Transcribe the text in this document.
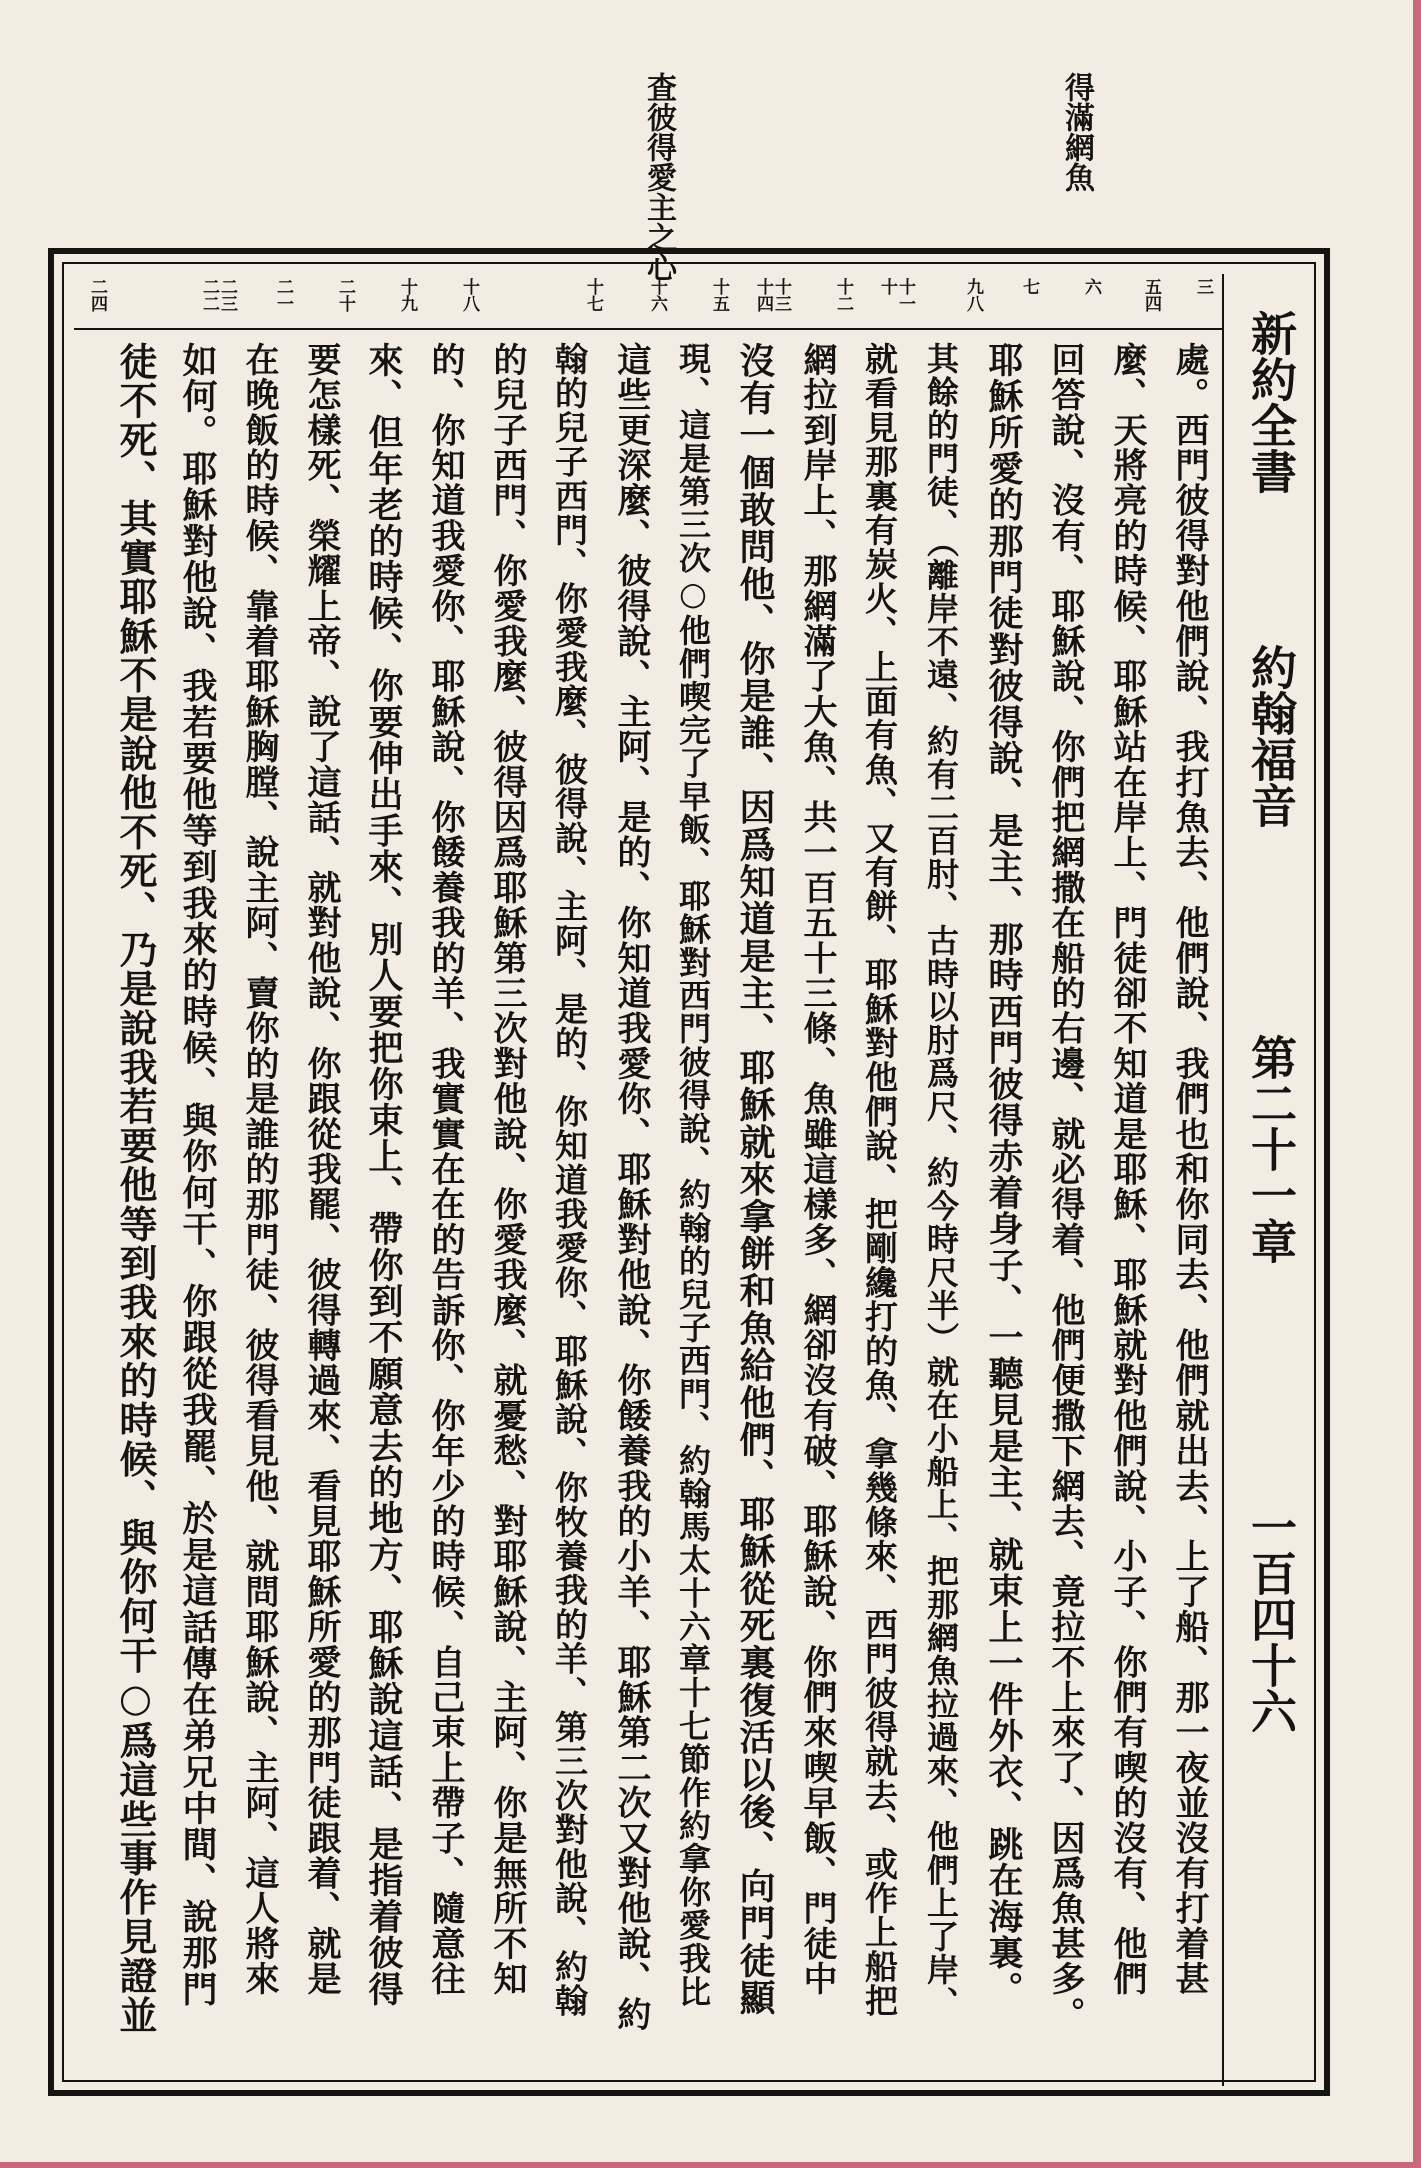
得滿網魚
査彼得愛主之心
新約全書
約翰福音
第二十一章
一百四十六
三
五四
六
七
九八
十一十
十二
十三十四
十五
十六
十七
十八
十九
二十
二一
二三二二
二四
處。西門彼得對他們說、我打魚去、他們說、我們也和你同去、他們就出去、上了船、那一夜並沒有打着甚
麼、天將亮的時候、耶穌站在岸上、門徒卻不知道是耶穌、耶穌就對他們說、小子、你們有喫的沒有、他們
回答說、沒有、耶穌說、你們把網撒在船的右邊、就必得着、他們便撒下網去、竟拉不上來了、因爲魚甚多。
耶穌所愛的那門徒對彼得說、是主、那時西門彼得赤着身子、一聽見是主、就束上一件外衣、跳在海裏。
其餘的門徒、（離岸不遠、約有二百肘、古時以肘爲尺、約今時尺半）就在小船上、把那網魚拉過來、他們上了岸、
就看見那裏有炭火、上面有魚、又有餅、耶穌對他們說、把剛纔打的魚、拿幾條來、西門彼得就去、或作上船把
網拉到岸上、那網滿了大魚、共一百五十三條、魚雖這樣多、網卻沒有破、耶穌說、你們來喫早飯、門徒中
沒有一個敢問他、你是誰、因爲知道是主、耶穌就來拿餅和魚給他們、耶穌從死裏復活以後、向門徒顯
現、這是第三次○他們喫完了早飯、耶穌對西門彼得說、約翰的兒子西門、約翰馬太十六章十七節作約拿你愛我比
這些更深麼、彼得說、主阿、是的、你知道我愛你、耶穌對他說、你餧養我的小羊、耶穌第二次又對他說、約
翰的兒子西門、你愛我麼、彼得說、主阿、是的、你知道我愛你、耶穌說、你牧養我的羊、第三次對他說、約翰
的兒子西門、你愛我麼、彼得因爲耶穌第三次對他說、你愛我麼、就憂愁、對耶穌說、主阿、你是無所不知
的、你知道我愛你、耶穌說、你餧養我的羊、我實實在在的告訴你、你年少的時候、自己束上帶子、隨意往
來、但年老的時候、你要伸出手來、別人要把你束上、帶你到不願意去的地方、耶穌說這話、是指着彼得
要怎樣死、榮耀上帝、說了這話、就對他說、你跟從我罷、彼得轉過來、看見耶穌所愛的那門徒跟着、就是
在晚飯的時候、靠着耶穌胸膛、說主阿、賣你的是誰的那門徒、彼得看見他、就問耶穌說、主阿、這人將來
如何。耶穌對他說、我若要他等到我來的時候、與你何干、你跟從我罷、於是這話傳在弟兄中間、說那門
徒不死、其實耶穌不是說他不死、乃是說我若要他等到我來的時候、與你何干○爲這些事作見證並
